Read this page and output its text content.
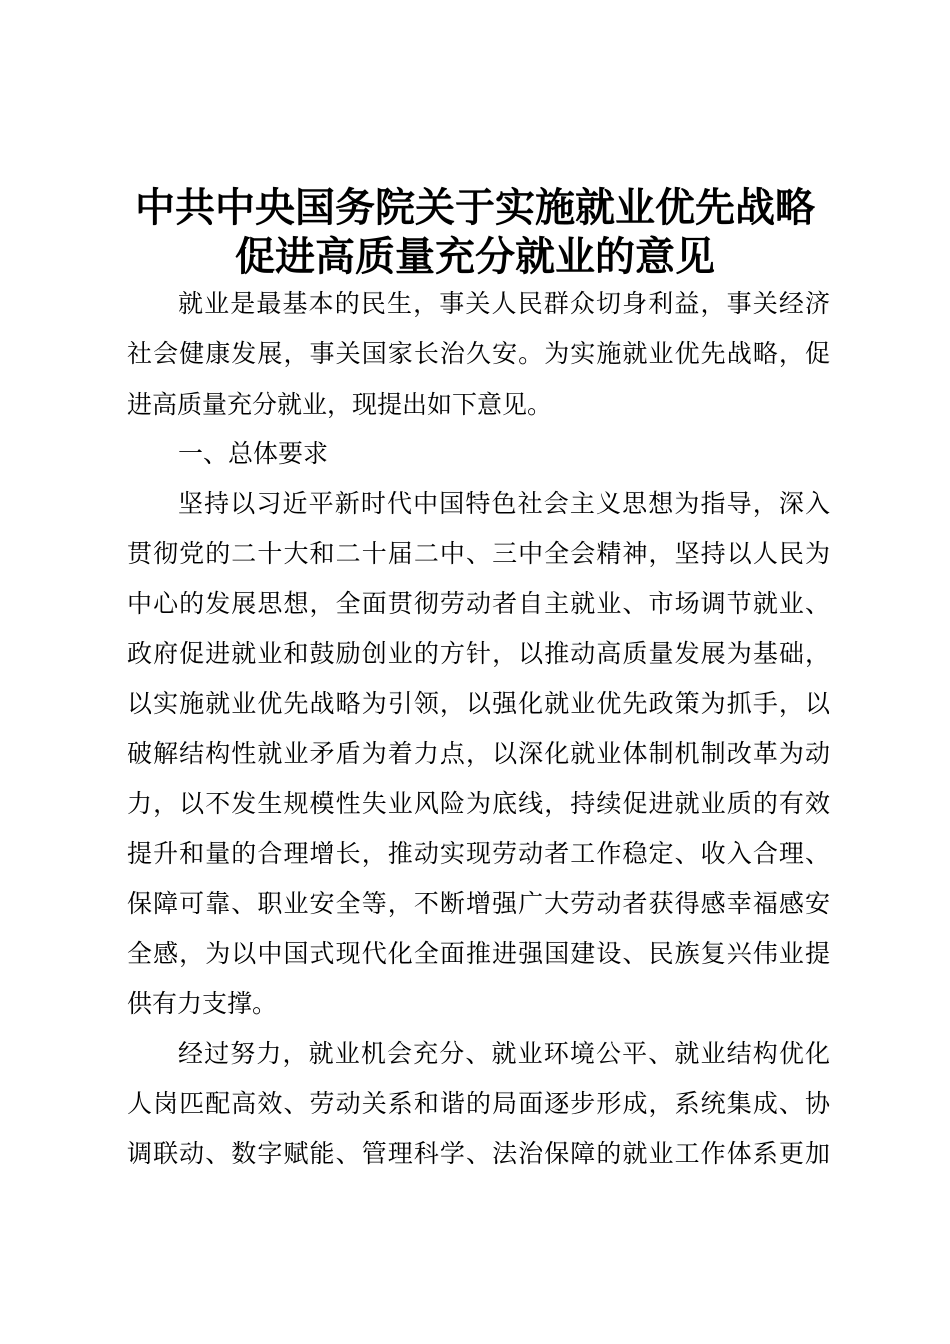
中共中央国务院关于实施就业优先战略
促进高质量充分就业的意见
就业是最基本的民生，事关人民群众切身利益，事关经济
社会健康发展，事关国家长治久安。为实施就业优先战略，促
进高质量充分就业，现提出如下意见。
一、总体要求
坚持以习近平新时代中国特色社会主义思想为指导，深入
贯彻党的二十大和二十届二中、三中全会精神，坚持以人民为
中心的发展思想，全面贯彻劳动者自主就业、市场调节就业、
政府促进就业和鼓励创业的方针，以推动高质量发展为基础，
以实施就业优先战略为引领，以强化就业优先政策为抓手，以
破解结构性就业矛盾为着力点，以深化就业体制机制改革为动
力，以不发生规模性失业风险为底线，持续促进就业质的有效
提升和量的合理增长，推动实现劳动者工作稳定、收入合理、
保障可靠、职业安全等，不断增强广大劳动者获得感幸福感安
全感，为以中国式现代化全面推进强国建设、民族复兴伟业提
供有力支撑。
经过努力，就业机会充分、就业环境公平、就业结构优化
人岗匹配高效、劳动关系和谐的局面逐步形成，系统集成、协
调联动、数字赋能、管理科学、法治保障的就业工作体系更加
